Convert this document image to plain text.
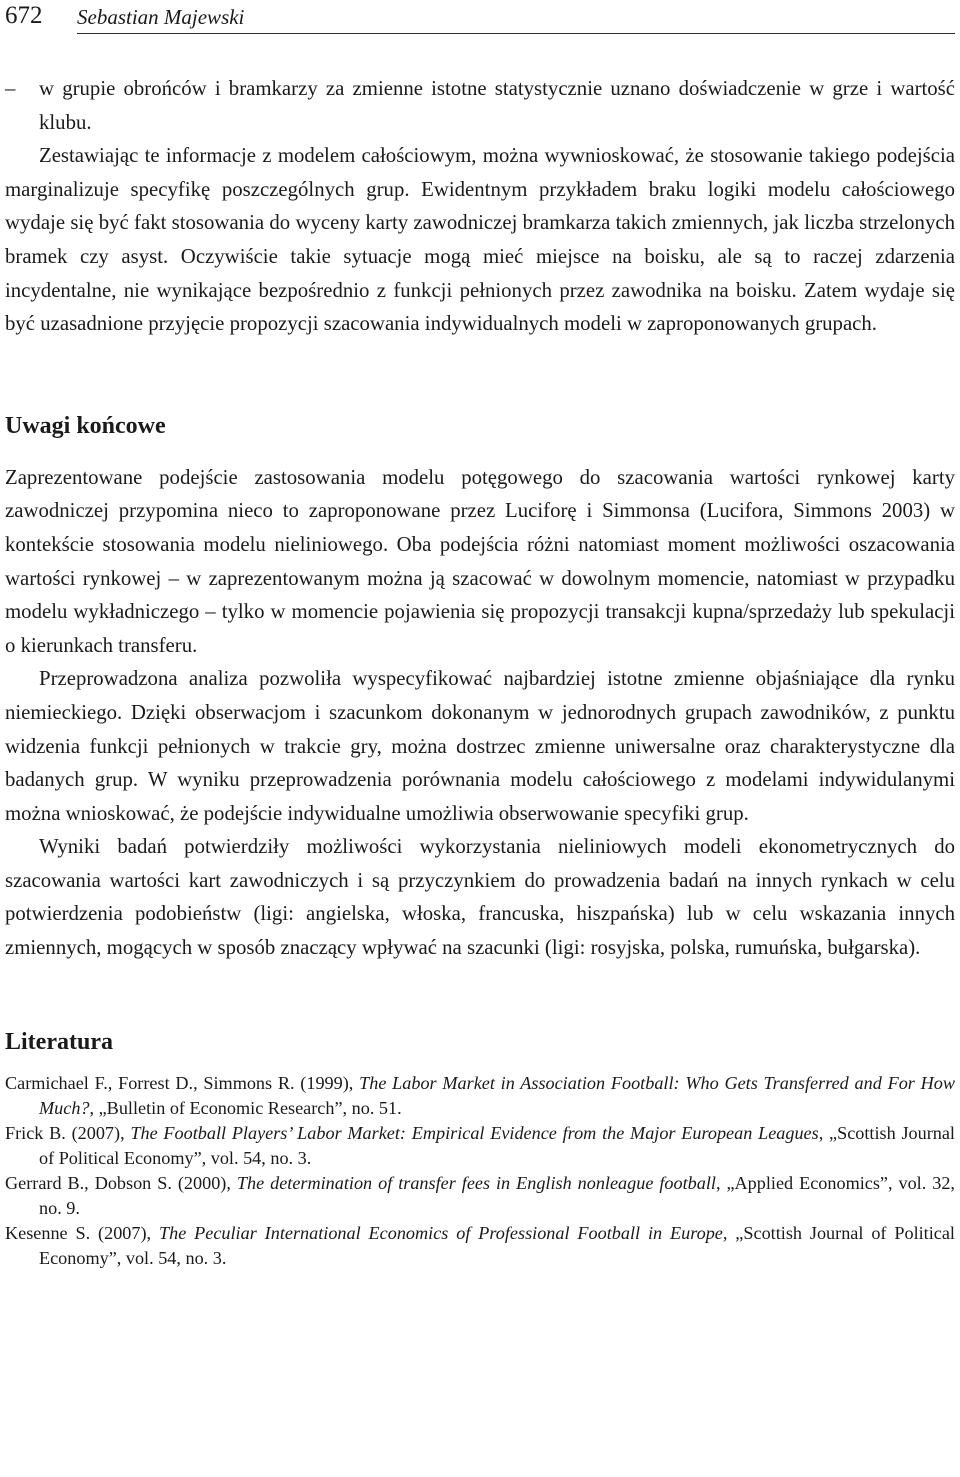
672 Sebastian Majewski
– w grupie obrońców i bramkarzy za zmienne istotne statystycznie uznano doświadczenie w grze i wartość klubu.

Zestawiając te informacje z modelem całościowym, można wywnioskować, że stosowanie takiego podejścia marginalizuje specyfikę poszczególnych grup. Ewidentnym przykładem braku logiki modelu całościowego wydaje się być fakt stosowania do wyceny karty zawodniczej bramkarza takich zmiennych, jak liczba strzelonych bramek czy asyst. Oczywiście takie sytuacje mogą mieć miejsce na boisku, ale są to raczej zdarzenia incydentalne, nie wynikające bezpośrednio z funkcji pełnionych przez zawodnika na boisku. Zatem wydaje się być uzasadnione przyjęcie propozycji szacowania indywidualnych modeli w zaproponowanych grupach.

Uwagi końcowe

Zaprezentowane podejście zastosowania modelu potęgowego do szacowania wartości rynkowej karty zawodniczej przypomina nieco to zaproponowane przez Luciforę i Simmonsa (Lucifora, Simmons 2003) w kontekście stosowania modelu nieliniowego. Oba podejścia różni natomiast moment możliwości oszacowania wartości rynkowej – w zaprezentowanym można ją szacować w dowolnym momencie, natomiast w przypadku modelu wykładniczego – tylko w momencie pojawienia się propozycji transakcji kupna/sprzedaży lub spekulacji o kierunkach transferu.

Przeprowadzona analiza pozwoliła wyspecyfikować najbardziej istotne zmienne objaśniające dla rynku niemieckiego. Dzięki obserwacjom i szacunkom dokonanym w jednorodnych grupach zawodników, z punktu widzenia funkcji pełnionych w trakcie gry, można dostrzec zmienne uniwersalne oraz charakterystyczne dla badanych grup. W wyniku przeprowadzenia porównania modelu całościowego z modelami indywidulanymi można wnioskować, że podejście indywidualne umożliwia obserwowanie specyfiki grup.

Wyniki badań potwierdziły możliwości wykorzystania nieliniowych modeli ekonometrycznych do szacowania wartości kart zawodniczych i są przyczynkiem do prowadzenia badań na innych rynkach w celu potwierdzenia podobieństw (ligi: angielska, włoska, francuska, hiszpańska) lub w celu wskazania innych zmiennych, mogących w sposób znaczący wpływać na szacunki (ligi: rosyjska, polska, rumuńska, bułgarska).

Literatura

Carmichael F., Forrest D., Simmons R. (1999), The Labor Market in Association Football: Who Gets Transferred and For How Much?, „Bulletin of Economic Research”, no. 51.

Frick B. (2007), The Football Players’ Labor Market: Empirical Evidence from the Major European Leagues, „Scottish Journal of Political Economy”, vol. 54, no. 3.

Gerrard B., Dobson S. (2000), The determination of transfer fees in English nonleague football, „Applied Economics”, vol. 32, no. 9.

Kesenne S. (2007), The Peculiar International Economics of Professional Football in Europe, „Scottish Journal of Political Economy”, vol. 54, no. 3.
